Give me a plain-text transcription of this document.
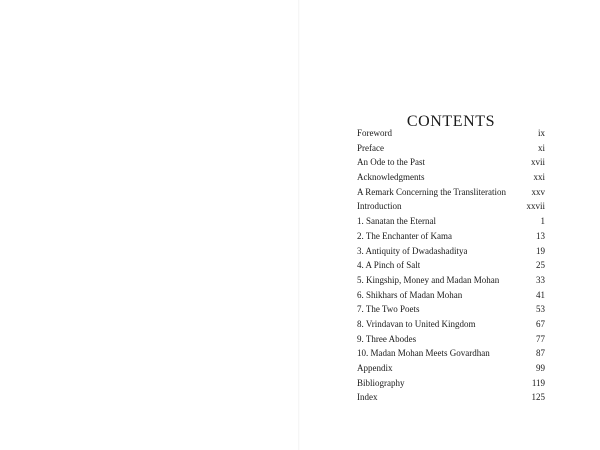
CONTENTS
Foreword	ix
Preface	xi
An Ode to the Past	xvii
Acknowledgments	xxi
A Remark Concerning the Transliteration	xxv
Introduction	xxvii
1. Sanatan the Eternal	1
2. The Enchanter of Kama	13
3. Antiquity of Dwadashaditya	19
4. A Pinch of Salt	25
5. Kingship, Money and Madan Mohan	33
6. Shikhars of Madan Mohan	41
7. The Two Poets	53
8. Vrindavan to United Kingdom	67
9. Three Abodes	77
10. Madan Mohan Meets Govardhan	87
Appendix	99
Bibliography	119
Index	125
